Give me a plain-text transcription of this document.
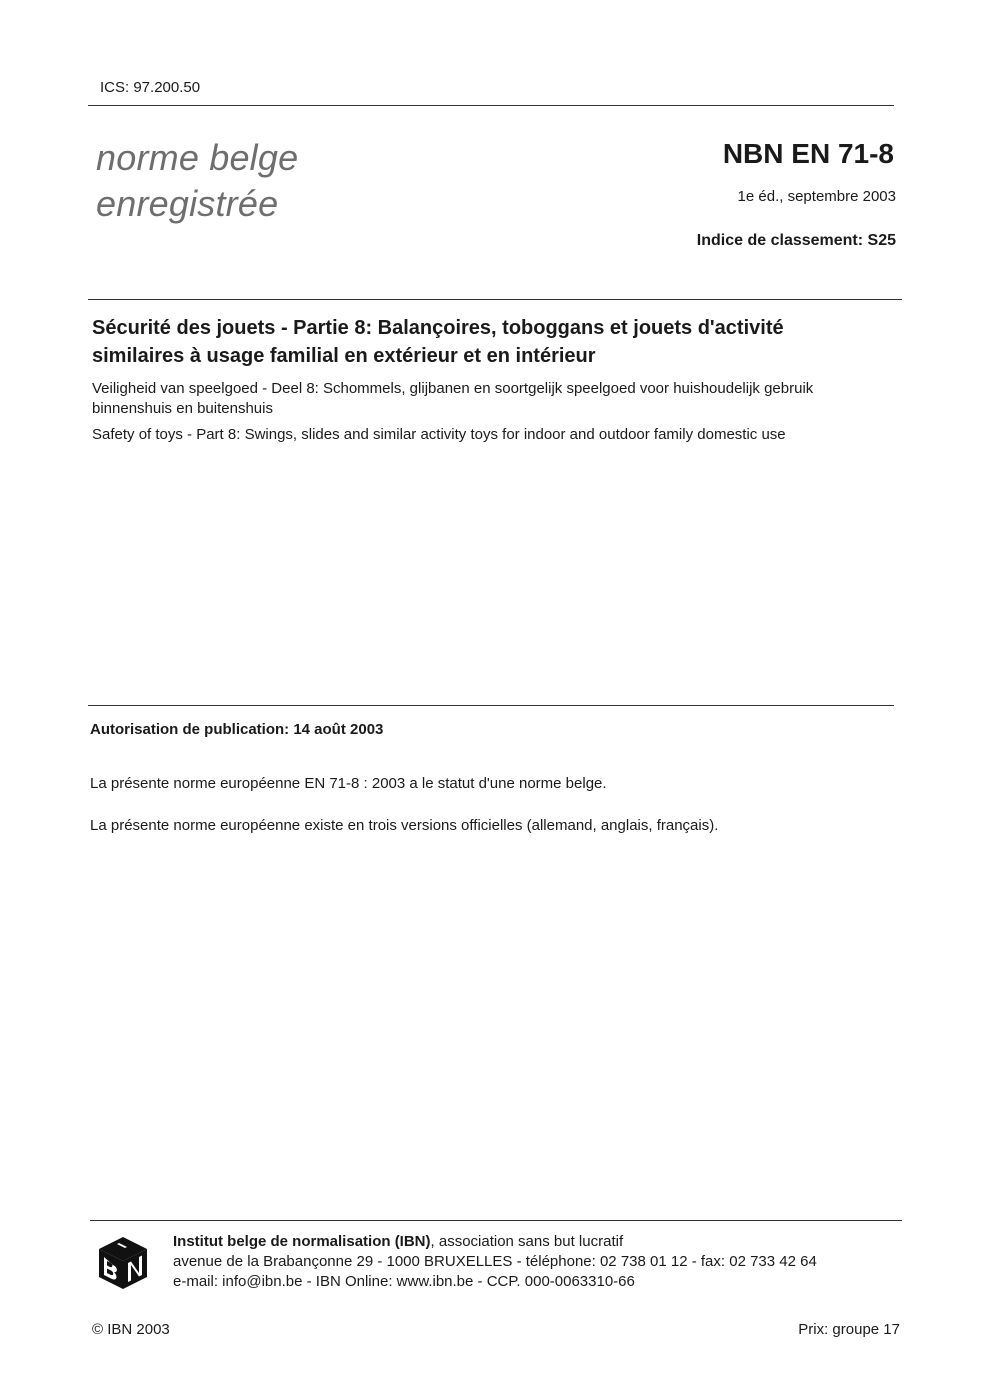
ICS: 97.200.50
norme belge
enregistrée
NBN EN 71-8
1e éd., septembre 2003
Indice de classement: S25
Sécurité des jouets - Partie 8: Balançoires, toboggans et jouets d'activité
similaires à usage familial en extérieur et en intérieur
Veiligheid van speelgoed - Deel 8: Schommels, glijbanen en soortgelijk speelgoed voor huishoudelijk gebruik
binnenshuis en buitenshuis
Safety of toys - Part 8: Swings, slides and similar activity toys for indoor and outdoor family domestic use
Autorisation de publication: 14 août 2003
La présente norme européenne EN 71-8 : 2003 a le statut d'une norme belge.
La présente norme européenne existe en trois versions officielles (allemand, anglais, français).
Institut belge de normalisation (IBN), association sans but lucratif
avenue de la Brabançonne 29 - 1000 BRUXELLES - téléphone: 02 738 01 12 - fax: 02 733 42 64
e-mail: info@ibn.be - IBN Online: www.ibn.be - CCP. 000-0063310-66
© IBN 2003	Prix: groupe 17
